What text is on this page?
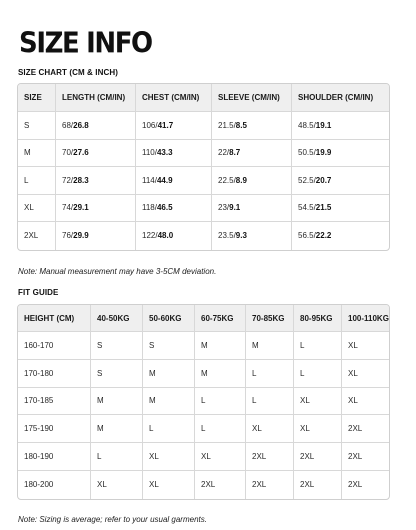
SIZE INFO
SIZE CHART (CM & INCH)
SIZE	LENGTH (CM/IN)	CHEST (CM/IN)	SLEEVE (CM/IN)	SHOULDER (CM/IN)
S	68/26.8	106/41.7	21.5/8.5	48.5/19.1
M	70/27.6	110/43.3	22/8.7	50.5/19.9
L	72/28.3	114/44.9	22.5/8.9	52.5/20.7
XL	74/29.1	118/46.5	23/9.1	54.5/21.5
2XL	76/29.9	122/48.0	23.5/9.3	56.5/22.2
Note: Manual measurement may have 3-5CM deviation.
FIT GUIDE
HEIGHT (CM)	40-50KG	50-60KG	60-75KG	70-85KG	80-95KG	100-110KG
160-170	S	S	M	M	L	XL
170-180	S	M	M	L	L	XL
170-185	M	M	L	L	XL	XL
175-190	M	L	L	XL	XL	2XL
180-190	L	XL	XL	2XL	2XL	2XL
180-200	XL	XL	2XL	2XL	2XL	2XL
Note: Sizing is average; refer to your usual garments.
